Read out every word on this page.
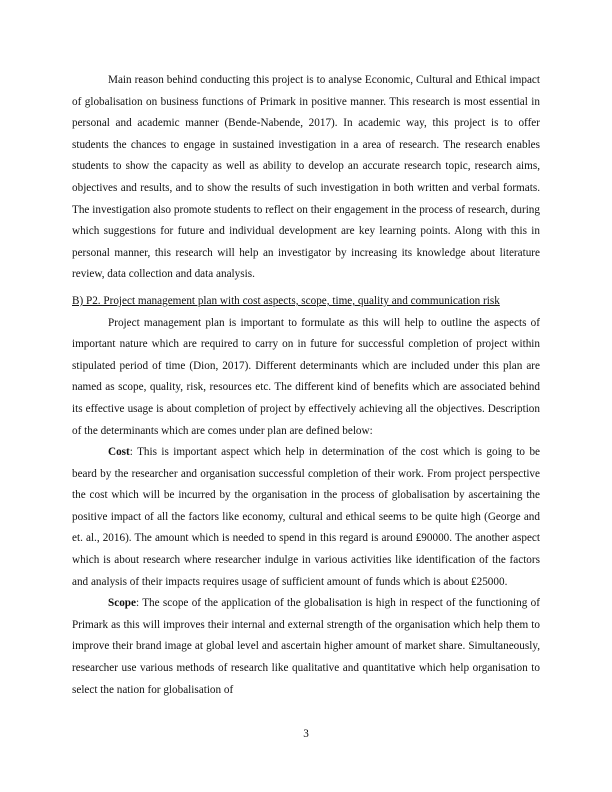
Main reason behind conducting this project is to analyse Economic, Cultural and Ethical impact of globalisation on business functions of Primark in positive manner. This research is most essential in personal and academic manner (Bende-Nabende, 2017). In academic way, this project is to offer students the chances to engage in sustained investigation in a area of research. The research enables students to show the capacity as well as ability to develop an accurate research topic, research aims, objectives and results, and to show the results of such investigation in both written and verbal formats. The investigation also promote students to reflect on their engagement in the process of research, during which suggestions for future and individual development are key learning points. Along with this in personal manner, this research will help an investigator by increasing its knowledge about literature review, data collection and data analysis.

B) P2. Project management plan with cost aspects, scope, time, quality and communication risk

Project management plan is important to formulate as this will help to outline the aspects of important nature which are required to carry on in future for successful completion of project within stipulated period of time (Dion, 2017). Different determinants which are included under this plan are named as scope, quality, risk, resources etc. The different kind of benefits which are associated behind its effective usage is about completion of project by effectively achieving all the objectives. Description of the determinants which are comes under plan are defined below:

Cost: This is important aspect which help in determination of the cost which is going to be beard by the researcher and organisation successful completion of their work. From project perspective the cost which will be incurred by the organisation in the process of globalisation by ascertaining the positive impact of all the factors like economy, cultural and ethical seems to be quite high (George and et. al., 2016). The amount which is needed to spend in this regard is around ₤90000. The another aspect which is about research where researcher indulge in various activities like identification of the factors and analysis of their impacts requires usage of sufficient amount of funds which is about ₤25000.

Scope: The scope of the application of the globalisation is high in respect of the functioning of Primark as this will improves their internal and external strength of the organisation which help them to improve their brand image at global level and ascertain higher amount of market share. Simultaneously, researcher use various methods of research like qualitative and quantitative which help organisation to select the nation for globalisation of

3
